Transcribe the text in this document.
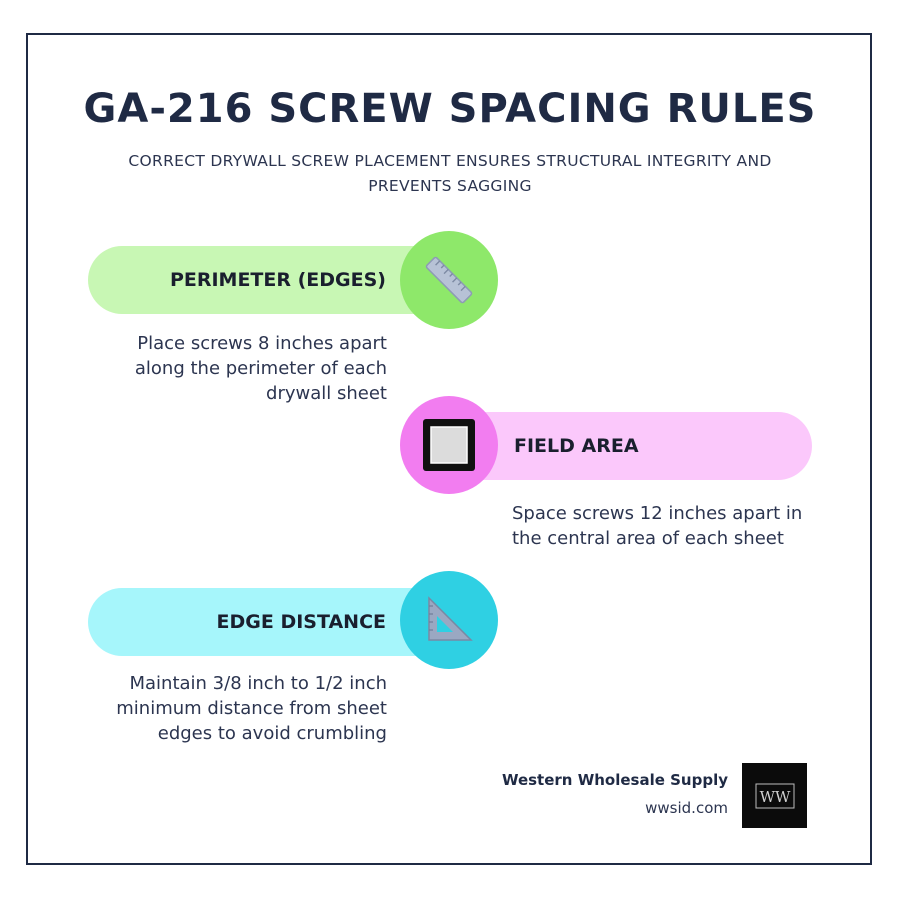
GA-216 SCREW SPACING RULES
CORRECT DRYWALL SCREW PLACEMENT ENSURES STRUCTURAL INTEGRITY AND PREVENTS SAGGING
PERIMETER (EDGES)
Place screws 8 inches apart along the perimeter of each drywall sheet
FIELD AREA
Space screws 12 inches apart in the central area of each sheet
EDGE DISTANCE
Maintain 3/8 inch to 1/2 inch minimum distance from sheet edges to avoid crumbling
Western Wholesale Supply
wwsid.com
WW
